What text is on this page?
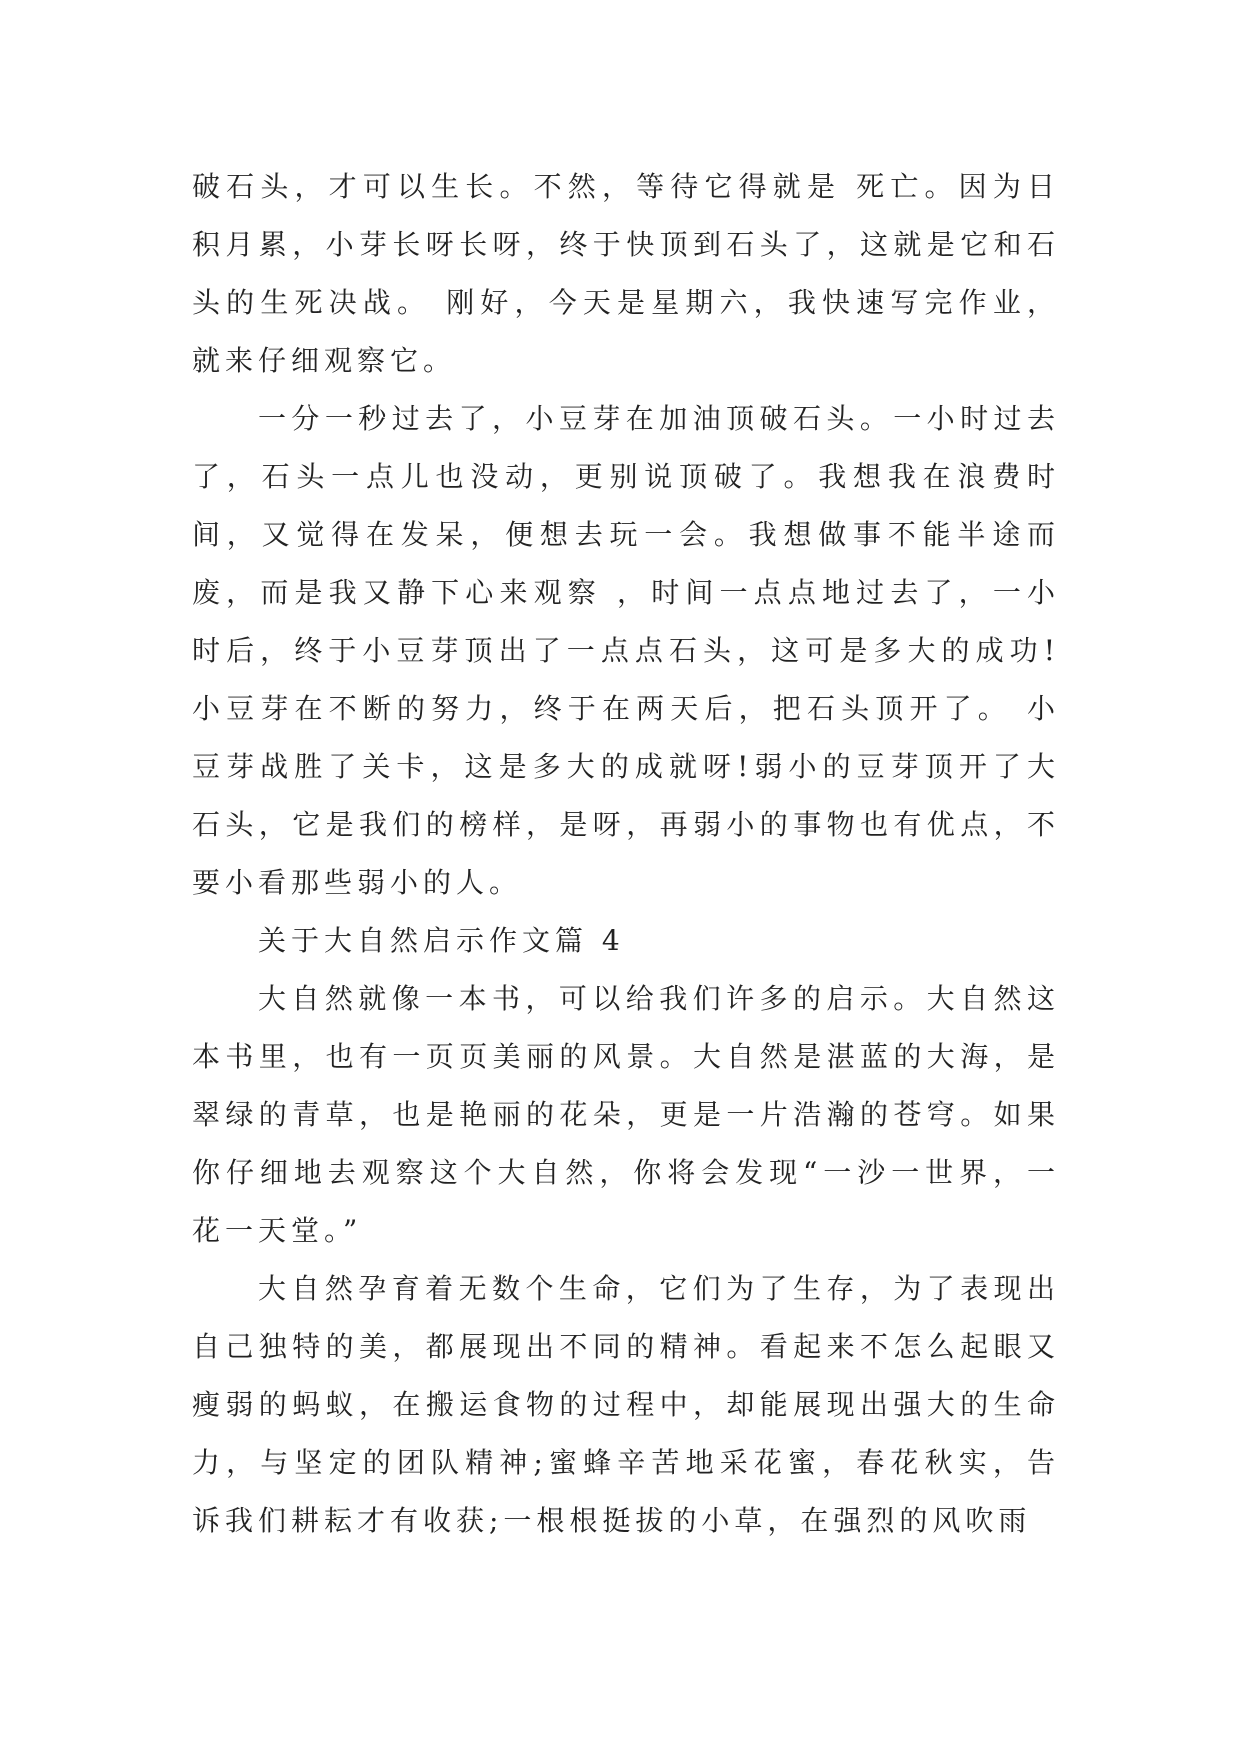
破石头，才可以生长。不然，等待它得就是 死亡。因为日积月累，小芽长呀长呀，终于快顶到石头了，这就是它和石头的生死决战。 刚好，今天是星期六，我快速写完作业，就来仔细观察它。

一分一秒过去了，小豆芽在加油顶破石头。一小时过去了，石头一点儿也没动，更别说顶破了。我想我在浪费时间，又觉得在发呆，便想去玩一会。我想做事不能半途而废，而是我又静下心来观察 ，时间一点点地过去了，一小时后，终于小豆芽顶出了一点点石头，这可是多大的成功!小豆芽在不断的努力，终于在两天后，把石头顶开了。 小豆芽战胜了关卡，这是多大的成就呀!弱小的豆芽顶开了大石头，它是我们的榜样，是呀，再弱小的事物也有优点，不要小看那些弱小的人。

关于大自然启示作文篇 4

大自然就像一本书，可以给我们许多的启示。大自然这本书里，也有一页页美丽的风景。大自然是湛蓝的大海，是翠绿的青草，也是艳丽的花朵，更是一片浩瀚的苍穹。如果你仔细地去观察这个大自然，你将会发现“一沙一世界，一花一天堂。”

大自然孕育着无数个生命，它们为了生存，为了表现出自己独特的美，都展现出不同的精神。看起来不怎么起眼又瘦弱的蚂蚁，在搬运食物的过程中，却能展现出强大的生命力，与坚定的团队精神;蜜蜂辛苦地采花蜜，春花秋实，告诉我们耕耘才有收获;一根根挺拔的小草，在强烈的风吹雨
